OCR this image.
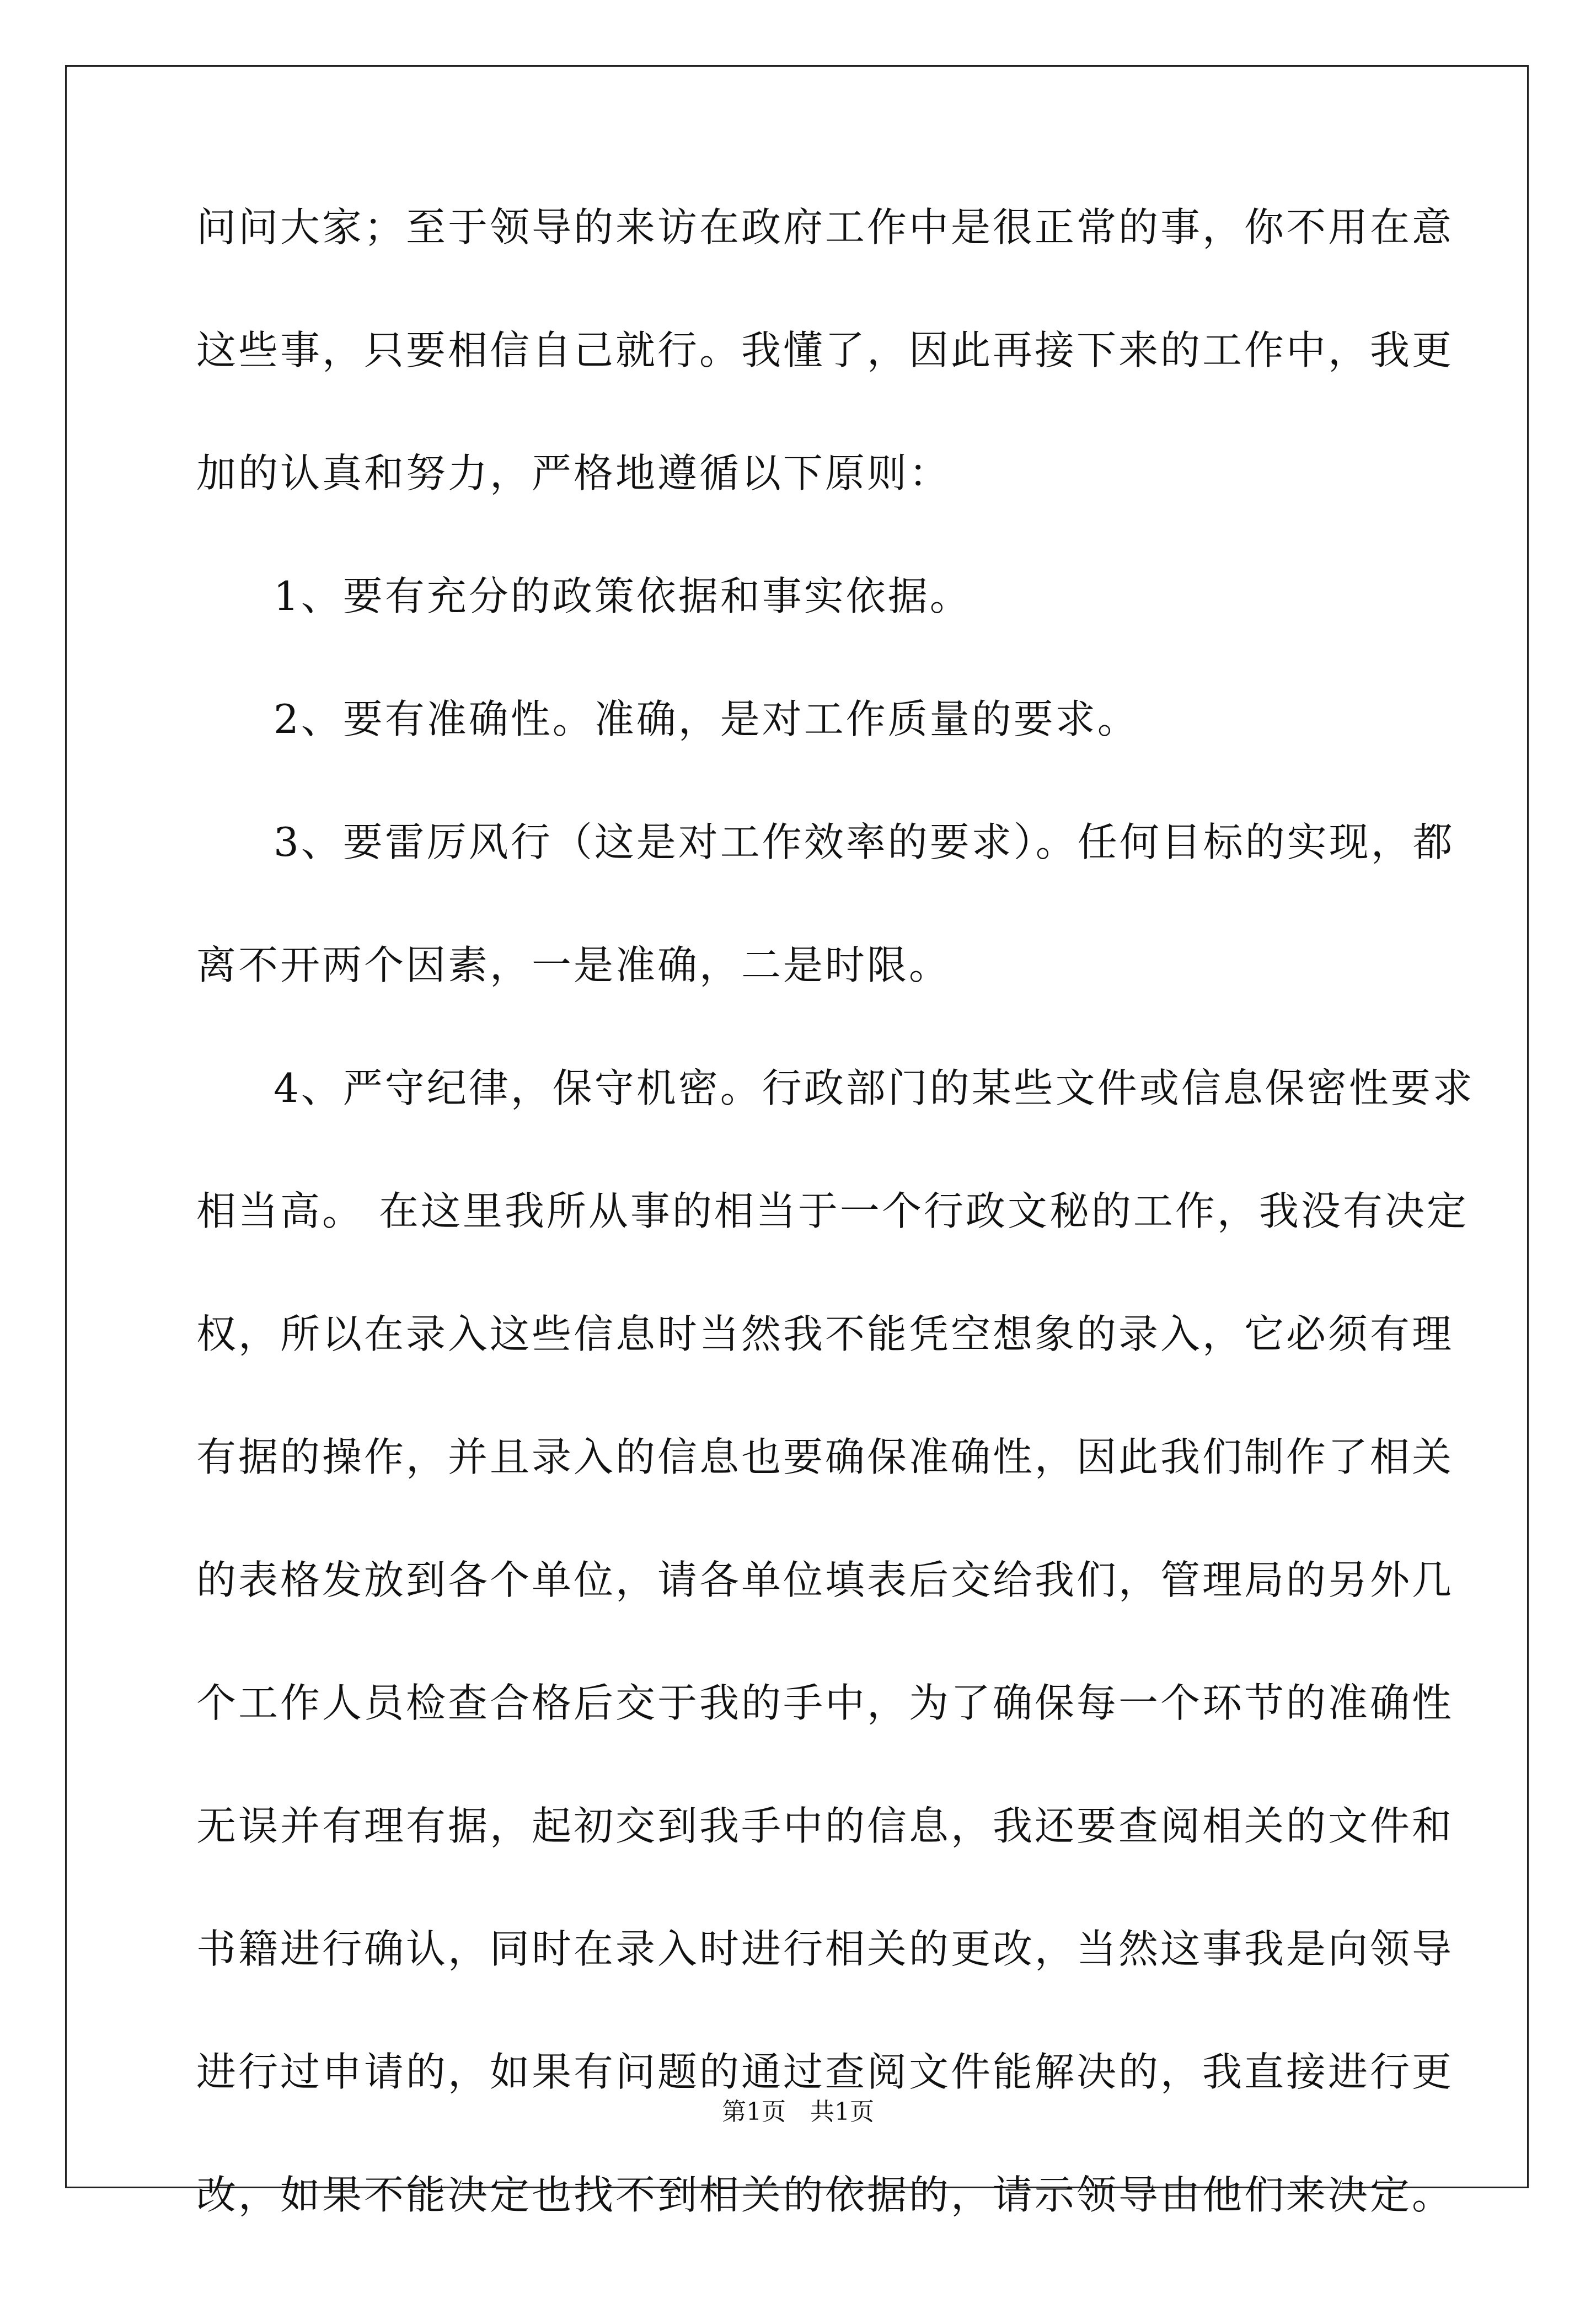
问问大家；至于领导的来访在政府工作中是很正常的事，你不用在意
这些事，只要相信自己就行。我懂了，因此再接下来的工作中，我更
加的认真和努力，严格地遵循以下原则：
1、要有充分的政策依据和事实依据。
2、要有准确性。准确，是对工作质量的要求。
3、要雷厉风行（这是对工作效率的要求）。任何目标的实现，都
离不开两个因素，一是准确，二是时限。
4、严守纪律，保守机密。行政部门的某些文件或信息保密性要求
相当高。 在这里我所从事的相当于一个行政文秘的工作，我没有决定
权，所以在录入这些信息时当然我不能凭空想象的录入，它必须有理
有据的操作，并且录入的信息也要确保准确性，因此我们制作了相关
的表格发放到各个单位，请各单位填表后交给我们，管理局的另外几
个工作人员检查合格后交于我的手中，为了确保每一个环节的准确性
无误并有理有据，起初交到我手中的信息，我还要查阅相关的文件和
书籍进行确认，同时在录入时进行相关的更改，当然这事我是向领导
进行过申请的，如果有问题的通过查阅文件能解决的，我直接进行更
改，如果不能决定也找不到相关的依据的，请示领导由他们来决定。
第1页　共1页
